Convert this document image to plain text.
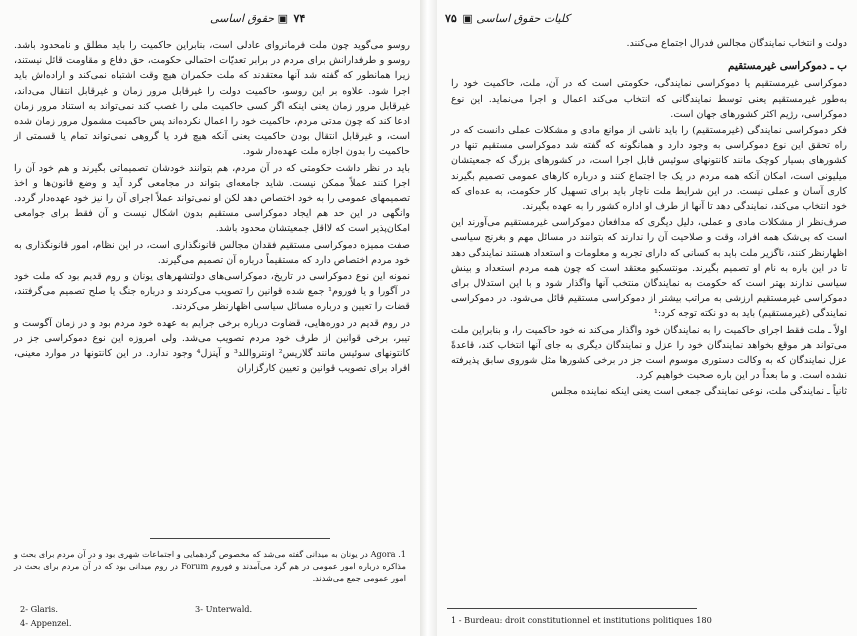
۷۴ ▣ حقوق اساسی

روسو می‌گوید چون ملت فرمانروای عادلی است، بنابراین حاکمیت را باید مطلق و نامحدود باشد. روسو و طرفدارانش برای مردم در برابر تعدیّات احتمالی حکومت، حق دفاع و مقاومت قائل نیستند، زیرا همانطور که گفته شد آنها معتقدند که ملت حکمران هیچ وقت اشتباه نمی‌کند و اراده‌اش باید اجرا شود. علاوه بر این روسو، حاکمیت دولت را غیرقابل مرور زمان و غیرقابل انتقال می‌داند، غیرقابل مرور زمان یعنی اینکه اگر کسی حاکمیت ملی را غصب کند نمی‌تواند به استناد مرور زمان ادعا کند که چون مدتی مردم، حاکمیت خود را اعمال نکرده‌اند پس حاکمیت مشمول مرور زمان شده است، و غیرقابل انتقال بودن حاکمیت یعنی آنکه هیچ فرد یا گروهی نمی‌تواند تمام یا قسمتی از حاکمیت را بدون اجازه ملت عهده‌دار شود.

باید در نظر داشت حکومتی که در آن مردم، هم بتوانند خودشان تصمیماتی بگیرند و هم خود آن را اجرا کنند عملاً ممکن نیست. شاید جامعه‌ای بتواند در مجامعی گرد آید و وضع قانون‌ها و اخذ تصمیمهای عمومی را به خود اختصاص دهد لکن او نمی‌تواند عملاً اجرای آن را نیز خود عهده‌دار گردد. وانگهی در این حد هم ایجاد دموکراسی مستقیم بدون اشکال نیست و آن فقط برای جوامعی امکان‌پذیر است که لااقل جمعیتشان محدود باشد.

صفت ممیزه دموکراسی مستقیم فقدان مجالس قانونگذاری است، در این نظام، امور قانونگذاری به خود مردم اختصاص دارد که مستقیماً درباره آن تصمیم می‌گیرند.

نمونه این نوع دموکراسی در تاریخ، دموکراسی‌های دولتشهرهای یونان و روم قدیم بود که ملت خود در آگورا و یا فوروم¹ جمع شده قوانین را تصویب می‌کردند و درباره جنگ یا صلح تصمیم می‌گرفتند، قضات را تعیین و درباره مسائل سیاسی اظهارنظر می‌کردند.

در روم قدیم در دوره‌هایی، قضاوت درباره برخی جرایم به عهده خود مردم بود و در زمان آگوست و تیبر، برخی قوانین از طرف خود مردم تصویب می‌شد. ولی امروزه این نوع دموکراسی جز در کانتونهای سوئیس مانند گلاریس² اونترواللد³ و آپنزل⁴ وجود ندارد. در این کانتونها در موارد معینی، افراد برای تصویب قوانین و تعیین کارگزاران

1. Agora در یونان به میدانی گفته می‌شد که مخصوص گردهمایی و اجتماعات شهری بود و در آن مردم برای بحث و مذاکره درباره امور عمومی در هم گرد می‌آمدند و فوروم Forum در روم میدانی بود که در آن مردم برای بحث در امور عمومی جمع می‌شدند.
2- Glaris.	3- Unterwald.
4- Appenzel.
کلیات حقوق اساسی ▣ ۷۵

دولت و انتخاب نمایندگان مجالس فدرال اجتماع می‌کنند.

ب ـ دموکراسی غیرمستقیم

دموکراسی غیرمستقیم یا دموکراسی نمایندگی، حکومتی است که در آن، ملت، حاکمیت خود را به‌طور غیرمستقیم یعنی توسط نمایندگانی که انتخاب می‌کند اعمال و اجرا می‌نماید. این نوع دموکراسی، رژیم اکثر کشورهای جهان است.

فکر دموکراسی نمایندگی (غیرمستقیم) را باید ناشی از موانع مادی و مشکلات عملی دانست که در راه تحقق این نوع دموکراسی به وجود دارد و همانگونه که گفته شد دموکراسی مستقیم تنها در کشورهای بسیار کوچک مانند کانتونهای سوئیس قابل اجرا است، در کشورهای بزرگ که جمعیتشان میلیونی است، امکان آنکه همه مردم در یک جا اجتماع کنند و درباره کارهای عمومی تصمیم بگیرند کاری آسان و عملی نیست. در این شرایط ملت ناچار باید برای تسهیل کار حکومت، به عده‌ای که خود انتخاب می‌کند، نمایندگی دهد تا آنها از طرف او اداره کشور را به عهده بگیرند.

صرف‌نظر از مشکلات مادی و عملی، دلیل دیگری که مدافعان دموکراسی غیرمستقیم می‌آورند این است که بی‌شک همه افراد، وقت و صلاحیت آن را ندارند که بتوانند در مسائل مهم و بغرنج سیاسی اظهارنظر کنند، ناگزیر ملت باید به کسانی که دارای تجربه و معلومات و استعداد هستند نمایندگی دهد تا در این باره به نام او تصمیم بگیرند. مونتسکیو معتقد است که چون همه مردم استعداد و بینش سیاسی ندارند بهتر است که حکومت به نمایندگان منتخب آنها واگذار شود و با این استدلال برای دموکراسی غیرمستقیم ارزشی به مراتب بیشتر از دموکراسی مستقیم قائل می‌شود. در دموکراسی نمایندگی (غیرمستقیم) باید به دو نکته توجه کرد:¹

اولاً ـ ملت فقط اجرای حاکمیت را به نمایندگان خود واگذار می‌کند نه خود حاکمیت را، و بنابراین ملت می‌تواند هر موقع بخواهد نمایندگان خود را عزل و نمایندگان دیگری به جای آنها انتخاب کند، قاعدةً عزل نمایندگان که به وکالت دستوری موسوم است جز در برخی کشورها مثل شوروی سابق پذیرفته نشده است. و ما بعداً در این باره صحبت خواهیم کرد.

ثانیاً ـ نمایندگی ملت، نوعی نمایندگی جمعی است یعنی اینکه نماینده مجلس

1 - Burdeau: droit constitutionnel et institutions politiques 180
